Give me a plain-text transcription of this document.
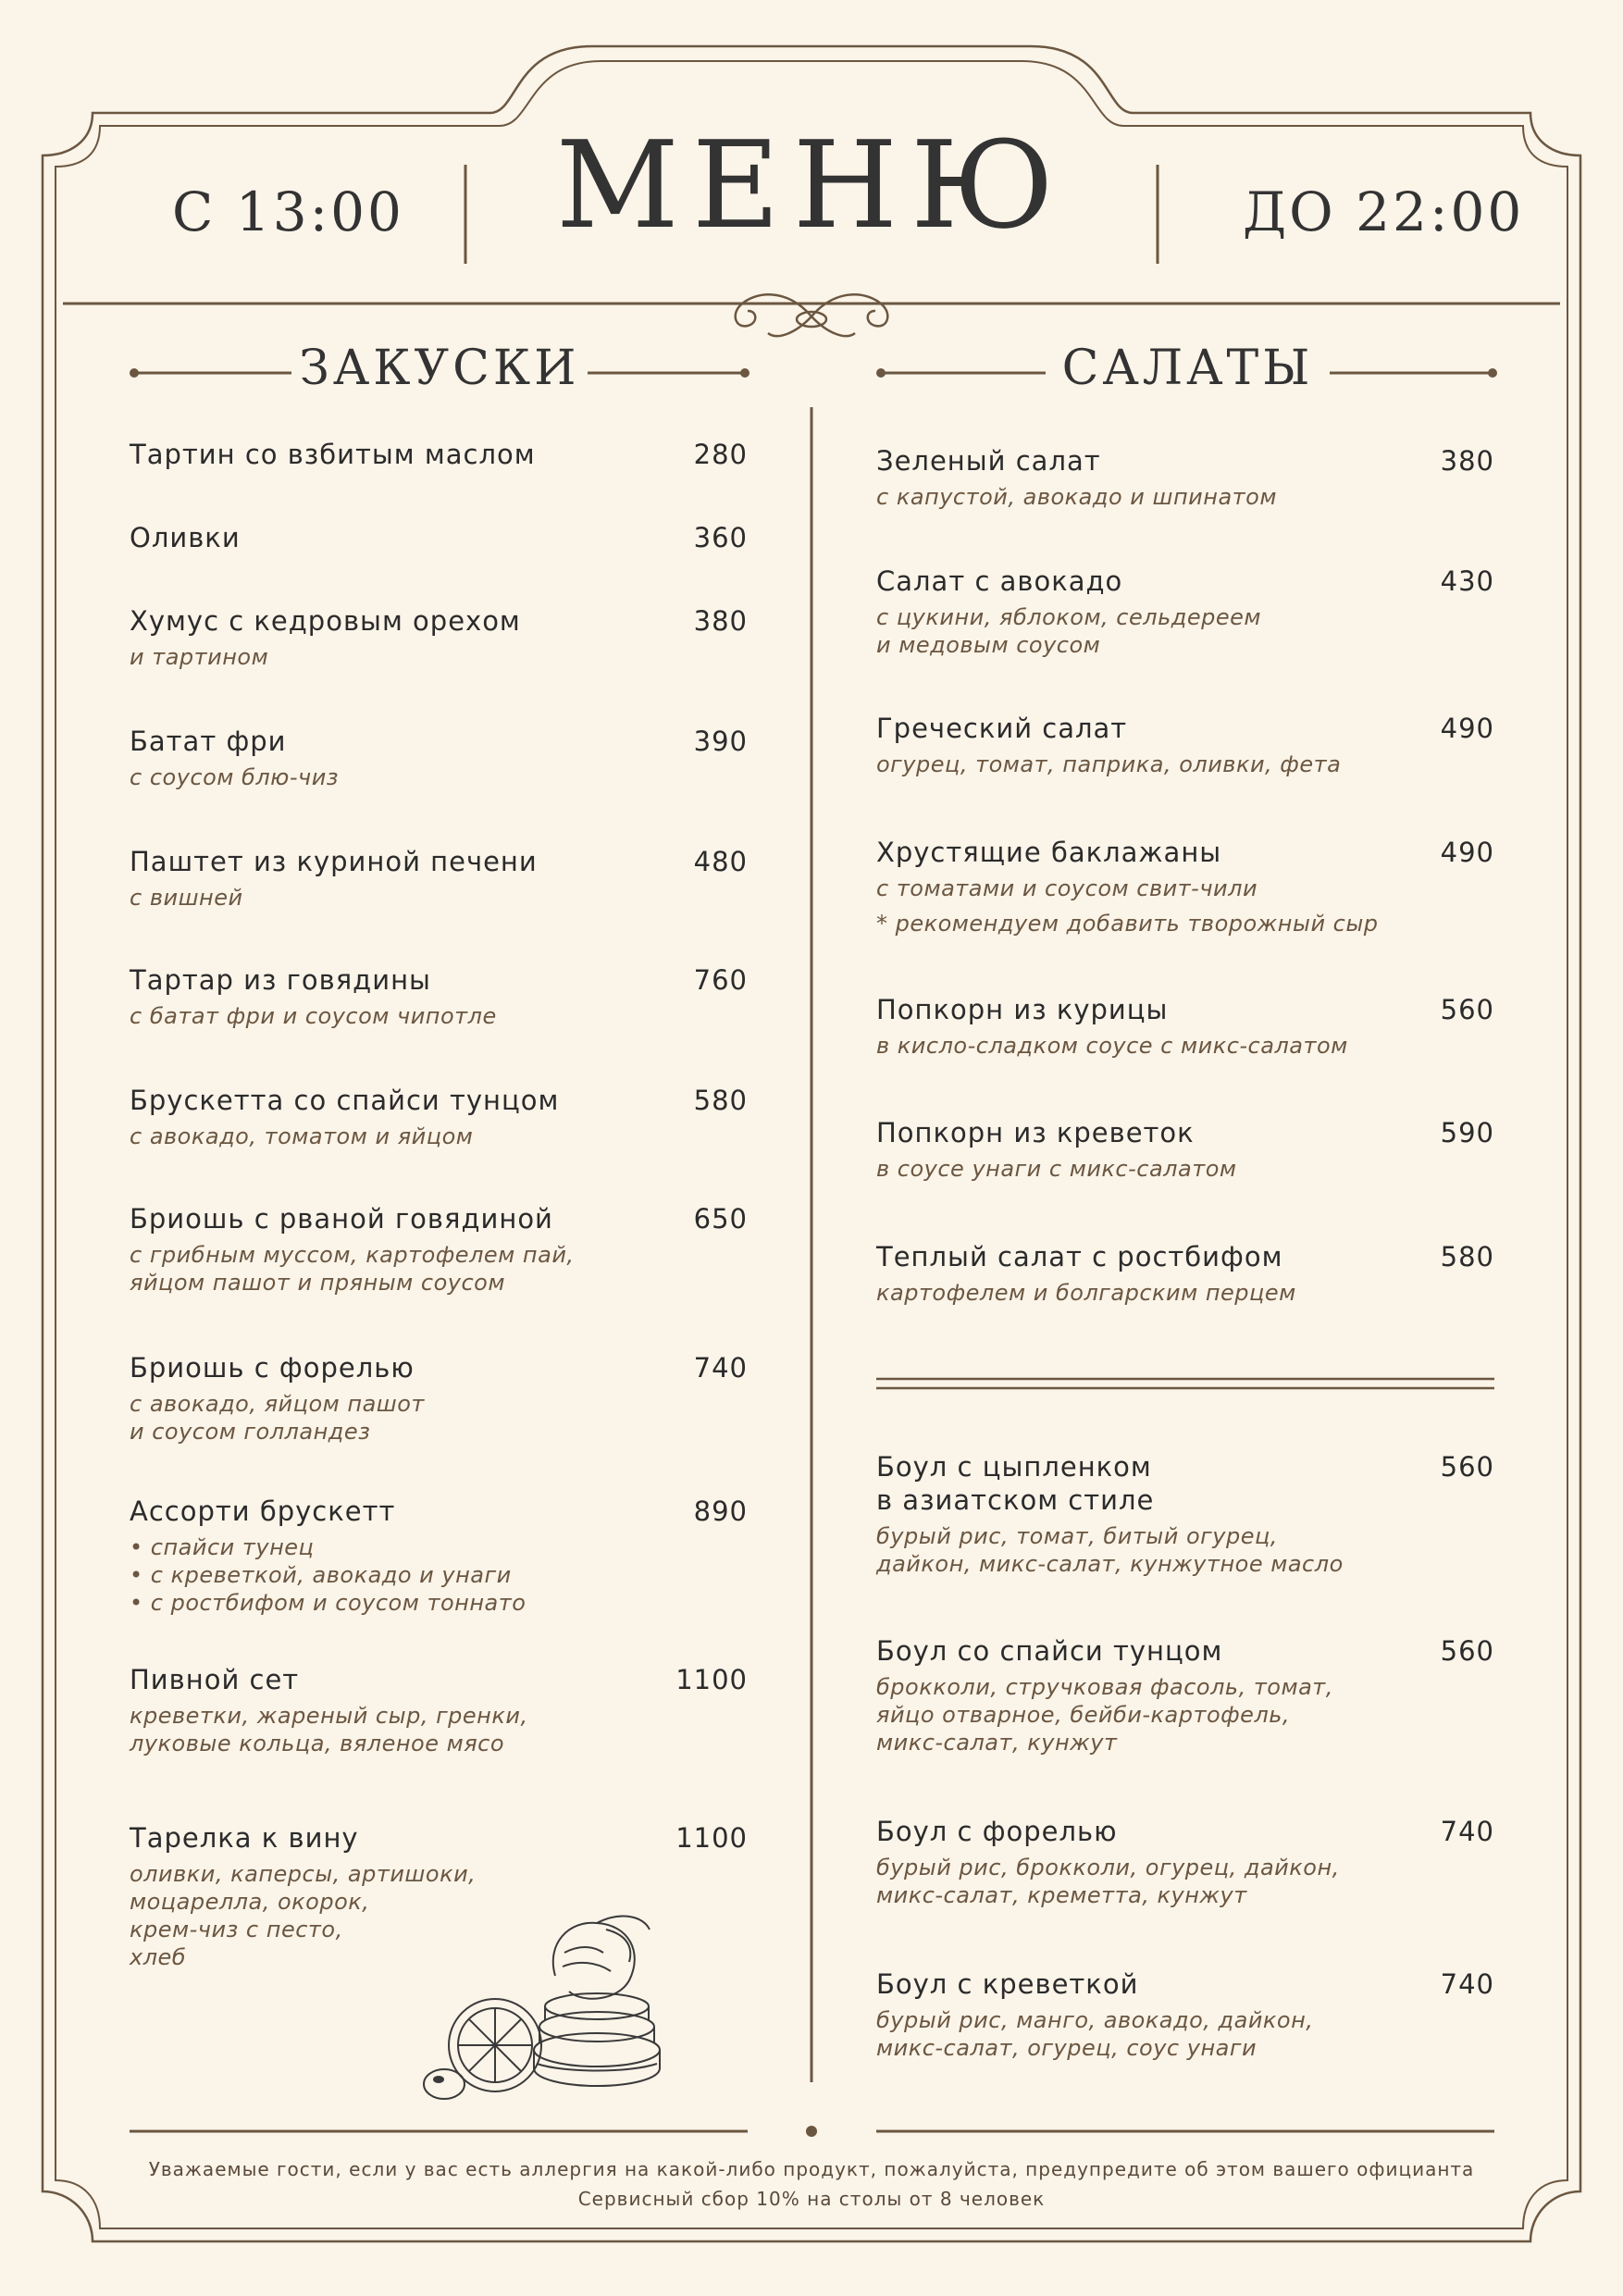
С 13:00	МЕНЮ	ДО 22:00
ЗАКУСКИ	САЛАТЫ
Тартин со взбитым маслом	280
Оливки	360
Хумус с кедровым орехом	380
и тартином
Батат фри	390
с соусом блю-чиз
Паштет из куриной печени	480
с вишней
Тартар из говядины	760
с батат фри и соусом чипотле
Брускетта со спайси тунцом	580
с авокадо, томатом и яйцом
Бриошь с рваной говядиной	650
с грибным муссом, картофелем пай,
яйцом пашот и пряным соусом
Бриошь с форелью	740
с авокадо, яйцом пашот
и соусом голландез
Ассорти брускетт	890
• спайси тунец
• с креветкой, авокадо и унаги
• с ростбифом и соусом тоннато
Пивной сет	1100
креветки, жареный сыр, гренки,
луковые кольца, вяленое мясо
Тарелка к вину	1100
оливки, каперсы, артишоки,
моцарелла, окорок,
крем-чиз с песто,
хлеб
Зеленый салат	380
с капустой, авокадо и шпинатом
Салат с авокадо	430
с цукини, яблоком, сельдереем
и медовым соусом
Греческий салат	490
огурец, томат, паприка, оливки, фета
Хрустящие баклажаны	490
с томатами и соусом свит-чили
* рекомендуем добавить творожный сыр
Попкорн из курицы	560
в кисло-сладком соусе с микс-салатом
Попкорн из креветок	590
в соусе унаги с микс-салатом
Теплый салат с ростбифом	580
картофелем и болгарским перцем
Боул с цыпленком
в азиатском стиле
560
бурый рис, томат, битый огурец,
дайкон, микс-салат, кунжутное масло
Боул со спайси тунцом	560
брокколи, стручковая фасоль, томат,
яйцо отварное, бейби-картофель,
микс-салат, кунжут
Боул с форелью	740
бурый рис, брокколи, огурец, дайкон,
микс-салат, креметта, кунжут
Боул с креветкой	740
бурый рис, манго, авокадо, дайкон,
микс-салат, огурец, соус унаги
Уважаемые гости, если у вас есть аллергия на какой-либо продукт, пожалуйста, предупредите об этом вашего официанта
Сервисный сбор 10% на столы от 8 человек
